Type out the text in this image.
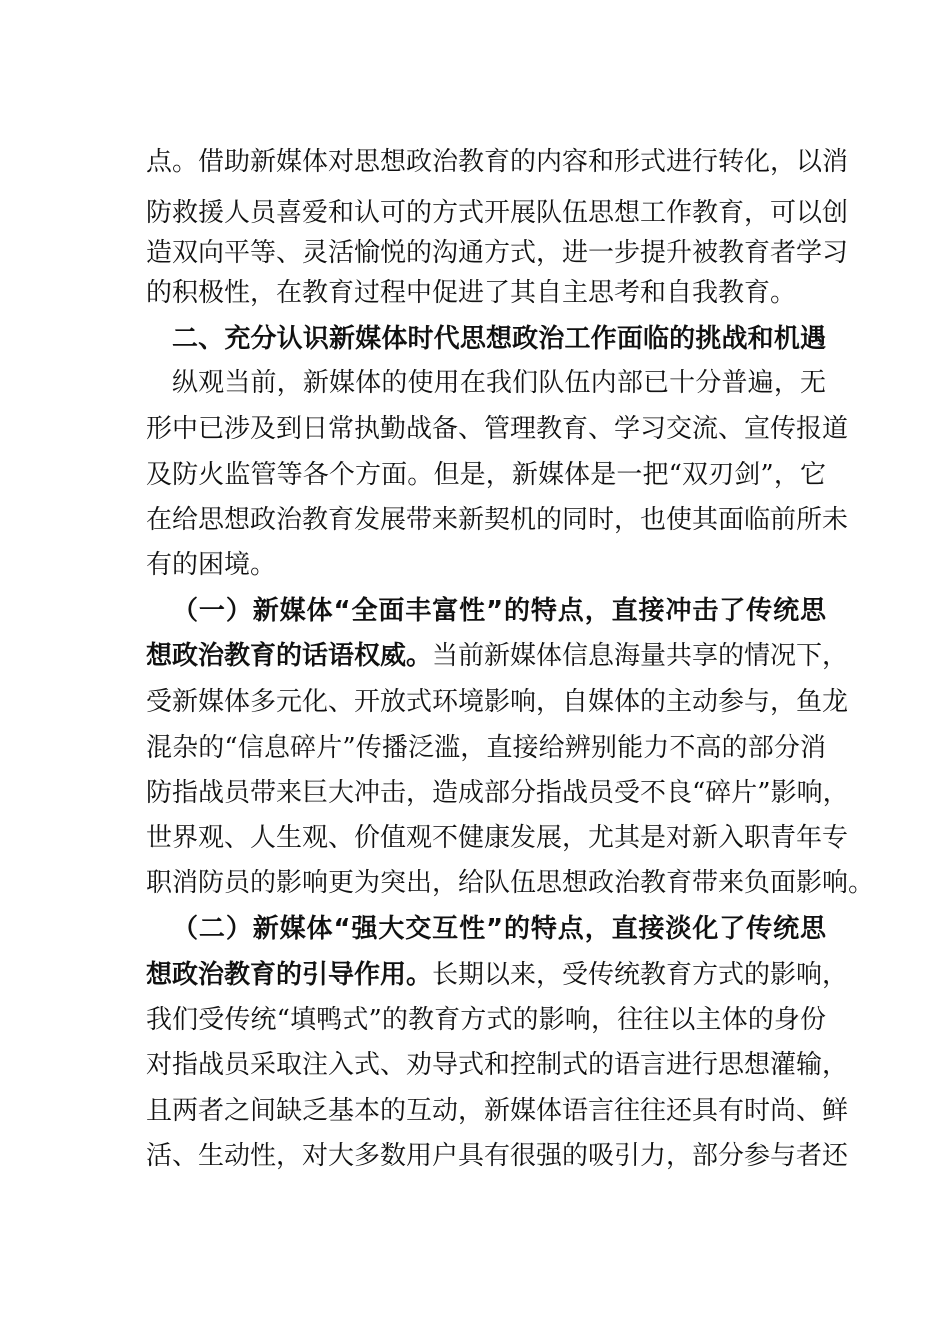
点。借助新媒体对思想政治教育的内容和形式进行转化，以消
防救援人员喜爱和认可的方式开展队伍思想工作教育，可以创
造双向平等、灵活愉悦的沟通方式，进一步提升被教育者学习
的积极性，在教育过程中促进了其自主思考和自我教育。
二、充分认识新媒体时代思想政治工作面临的挑战和机遇
纵观当前，新媒体的使用在我们队伍内部已十分普遍，无
形中已涉及到日常执勤战备、管理教育、学习交流、宣传报道
及防火监管等各个方面。但是，新媒体是一把“双刃剑”，它
在给思想政治教育发展带来新契机的同时，也使其面临前所未
有的困境。
（一）新媒体“全面丰富性”的特点，直接冲击了传统思
想政治教育的话语权威。当前新媒体信息海量共享的情况下，
受新媒体多元化、开放式环境影响，自媒体的主动参与，鱼龙
混杂的“信息碎片”传播泛滥，直接给辨别能力不高的部分消
防指战员带来巨大冲击，造成部分指战员受不良“碎片”影响，
世界观、人生观、价值观不健康发展，尤其是对新入职青年专
职消防员的影响更为突出，给队伍思想政治教育带来负面影响。
（二）新媒体“强大交互性”的特点，直接淡化了传统思
想政治教育的引导作用。长期以来，受传统教育方式的影响，
我们受传统“填鸭式”的教育方式的影响，往往以主体的身份
对指战员采取注入式、劝导式和控制式的语言进行思想灌输，
且两者之间缺乏基本的互动，新媒体语言往往还具有时尚、鲜
活、生动性，对大多数用户具有很强的吸引力，部分参与者还
